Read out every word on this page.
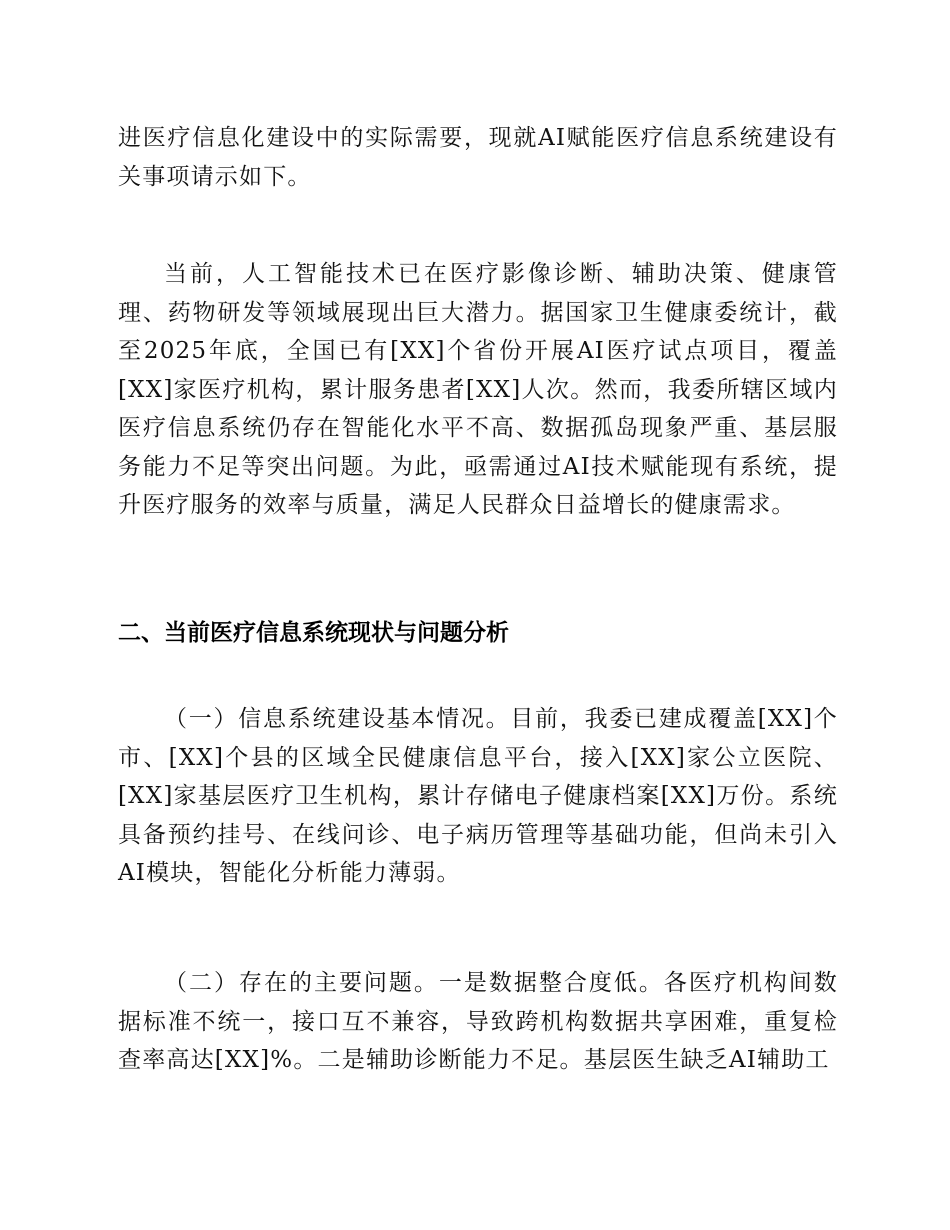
进医疗信息化建设中的实际需要，现就AI赋能医疗信息系统建设有关事项请示如下。

当前，人工智能技术已在医疗影像诊断、辅助决策、健康管理、药物研发等领域展现出巨大潜力。据国家卫生健康委统计，截至2025年底，全国已有[XX]个省份开展AI医疗试点项目，覆盖[XX]家医疗机构，累计服务患者[XX]人次。然而，我委所辖区域内医疗信息系统仍存在智能化水平不高、数据孤岛现象严重、基层服务能力不足等突出问题。为此，亟需通过AI技术赋能现有系统，提升医疗服务的效率与质量，满足人民群众日益增长的健康需求。

二、当前医疗信息系统现状与问题分析

（一）信息系统建设基本情况。目前，我委已建成覆盖[XX]个市、[XX]个县的区域全民健康信息平台，接入[XX]家公立医院、[XX]家基层医疗卫生机构，累计存储电子健康档案[XX]万份。系统具备预约挂号、在线问诊、电子病历管理等基础功能，但尚未引入AI模块，智能化分析能力薄弱。

（二）存在的主要问题。一是数据整合度低。各医疗机构间数据标准不统一，接口互不兼容，导致跨机构数据共享困难，重复检查率高达[XX]%。二是辅助诊断能力不足。基层医生缺乏AI辅助工
